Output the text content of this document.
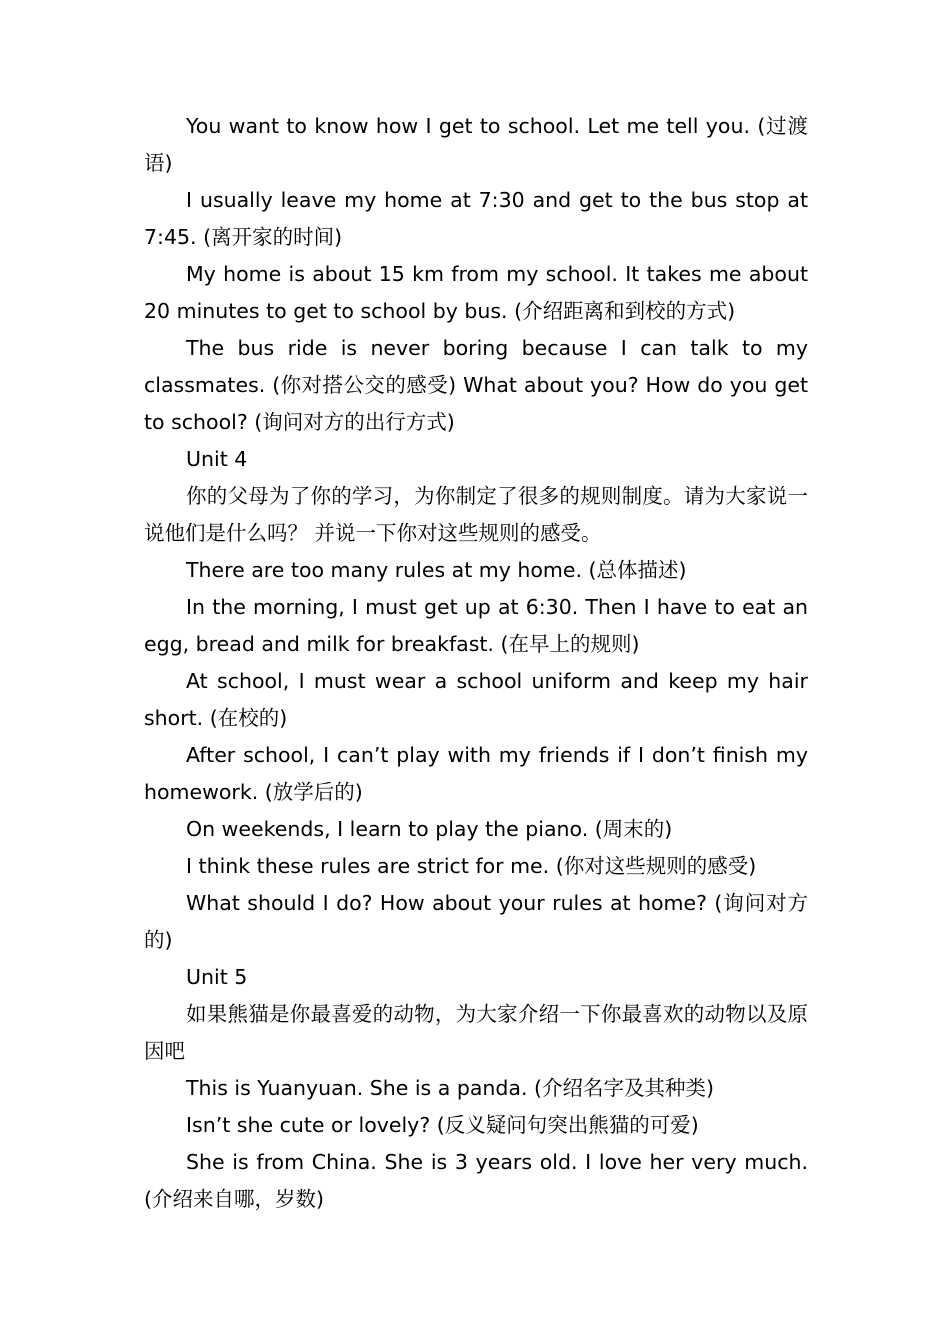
You want to know how I get to school. Let me tell you. (过渡语)

I usually leave my home at 7:30 and get to the bus stop at 7:45. (离开家的时间)

My home is about 15 km from my school. It takes me about 20 minutes to get to school by bus. (介绍距离和到校的方式)

The bus ride is never boring because I can talk to my classmates. (你对搭公交的感受) What about you? How do you get to school? (询问对方的出行方式)

Unit 4

你的父母为了你的学习，为你制定了很多的规则制度。请为大家说一说他们是什么吗？ 并说一下你对这些规则的感受。

There are too many rules at my home. (总体描述)

In the morning, I must get up at 6:30. Then I have to eat an egg, bread and milk for breakfast. (在早上的规则)

At school, I must wear a school uniform and keep my hair short. (在校的)

After school, I can’t play with my friends if I don’t finish my homework. (放学后的)

On weekends, I learn to play the piano. (周末的)

I think these rules are strict for me. (你对这些规则的感受)

What should I do? How about your rules at home? (询问对方的)

Unit 5

如果熊猫是你最喜爱的动物，为大家介绍一下你最喜欢的动物以及原因吧

This is Yuanyuan. She is a panda. (介绍名字及其种类)

Isn’t she cute or lovely? (反义疑问句突出熊猫的可爱)

She is from China. She is 3 years old. I love her very much. (介绍来自哪，岁数)
